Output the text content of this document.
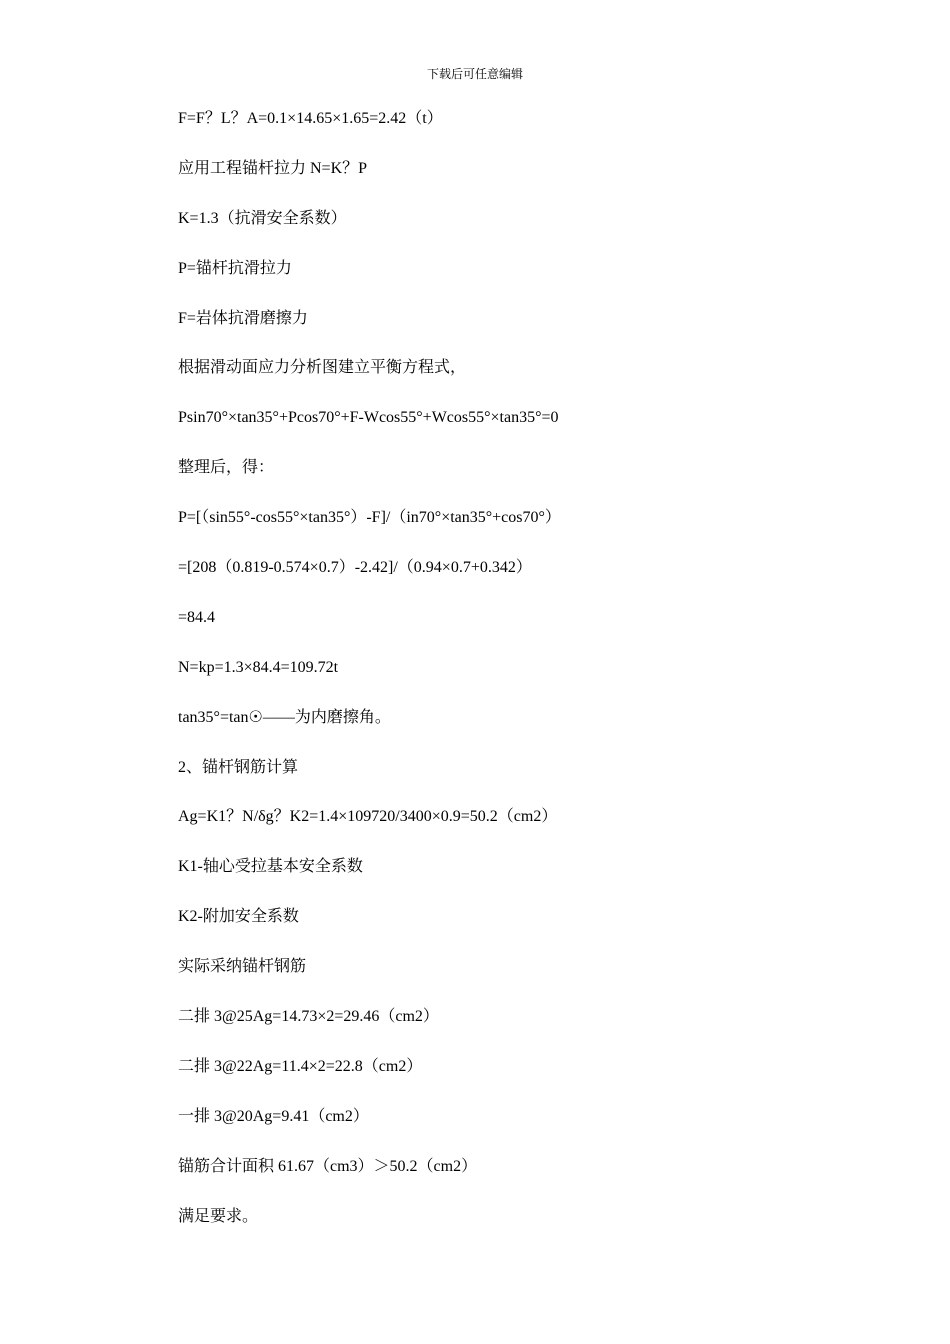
下载后可任意编辑
F=F？L？A=0.1×14.65×1.65=2.42（t）
应用工程锚杆拉力 N=K？P
K=1.3（抗滑安全系数）
P=锚杆抗滑拉力
F=岩体抗滑磨擦力
根据滑动面应力分析图建立平衡方程式，
Psin70°×tan35°+Pcos70°+F-Wcos55°+Wcos55°×tan35°=0
整理后，得：
P=[（sin55°-cos55°×tan35°）-F]/（in70°×tan35°+cos70°）
=[208（0.819-0.574×0.7）-2.42]/（0.94×0.7+0.342）
=84.4
N=kp=1.3×84.4=109.72t
tan35°=tan☉——为内磨擦角。
2、锚杆钢筋计算
Ag=K1？N/δg？K2=1.4×109720/3400×0.9=50.2（cm2）
K1-轴心受拉基本安全系数
K2-附加安全系数
实际采纳锚杆钢筋
二排 3@25Ag=14.73×2=29.46（cm2）
二排 3@22Ag=11.4×2=22.8（cm2）
一排 3@20Ag=9.41（cm2）
锚筋合计面积 61.67（cm3）＞50.2（cm2）
满足要求。
